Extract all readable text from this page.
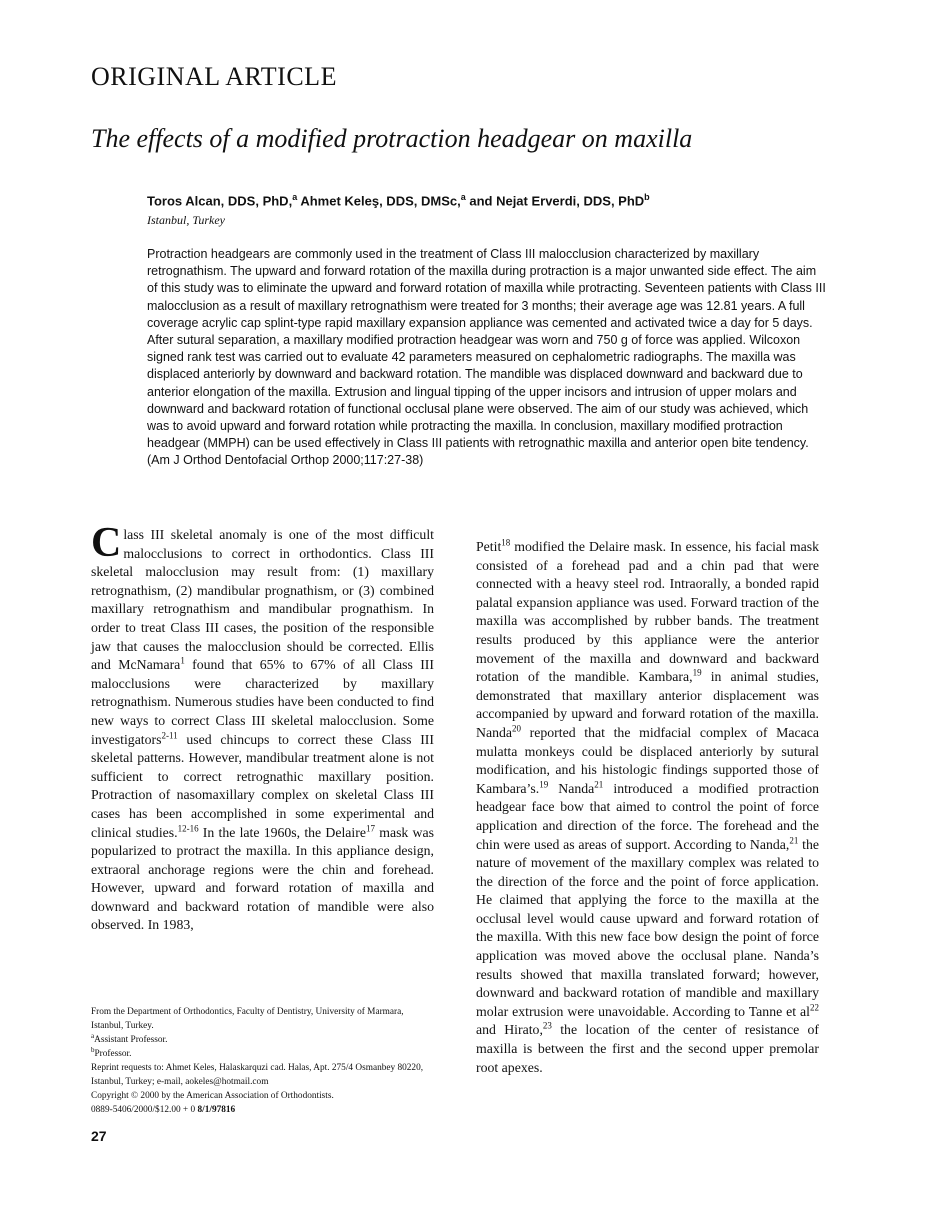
ORIGINAL ARTICLE
The effects of a modified protraction headgear on maxilla
Toros Alcan, DDS, PhD,$^a$ Ahmet Keleş, DDS, DMSc,$^a$ and Nejat Erverdi, DDS, PhD$^b$
Istanbul, Turkey

Protraction headgears are commonly used in the treatment of Class III malocclusion characterized by maxillary retrognathism. The upward and forward rotation of the maxilla during protraction is a major unwanted side effect. The aim of this study was to eliminate the upward and forward rotation of maxilla while protracting. Seventeen patients with Class III malocclusion as a result of maxillary retrognathism were treated for 3 months; their average age was 12.81 years. A full coverage acrylic cap splint-type rapid maxillary expansion appliance was cemented and activated twice a day for 5 days. After sutural separation, a maxillary modified protraction headgear was worn and 750 g of force was applied. Wilcoxon signed rank test was carried out to evaluate 42 parameters measured on cephalometric radiographs. The maxilla was displaced anteriorly by downward and backward rotation. The mandible was displaced downward and backward due to anterior elongation of the maxilla. Extrusion and lingual tipping of the upper incisors and intrusion of upper molars and downward and backward rotation of functional occlusal plane were observed. The aim of our study was achieved, which was to avoid upward and forward rotation while protracting the maxilla. In conclusion, maxillary modified protraction headgear (MMPH) can be used effectively in Class III patients with retrognathic maxilla and anterior open bite tendency. (Am J Orthod Dentofacial Orthop 2000;117:27-38)

Class III skeletal anomaly is one of the most difficult malocclusions to correct in orthodontics. Class III skeletal malocclusion may result from: (1) maxillary retrognathism, (2) mandibular prognathism, or (3) combined maxillary retrognathism and mandibular prognathism. In order to treat Class III cases, the position of the responsible jaw that causes the malocclusion should be corrected. Ellis and McNamara$^1$ found that 65% to 67% of all Class III malocclusions were characterized by maxillary retrognathism. Numerous studies have been conducted to find new ways to correct Class III skeletal malocclusion. Some investigators$^{2-11}$ used chincups to correct these Class III skeletal patterns. However, mandibular treatment alone is not sufficient to correct retrognathic maxillary position. Protraction of nasomaxillary complex on skeletal Class III cases has been accomplished in some experimental and clinical studies.$^{12-16}$ In the late 1960s, the Delaire$^{17}$ mask was popularized to protract the maxilla. In this appliance design, extraoral anchorage regions were the chin and forehead. However, upward and forward rotation of maxilla and downward and backward rotation of mandible were also observed. In 1983,

Petit$^{18}$ modified the Delaire mask. In essence, his facial mask consisted of a forehead pad and a chin pad that were connected with a heavy steel rod. Intraorally, a bonded rapid palatal expansion appliance was used. Forward traction of the maxilla was accomplished by rubber bands. The treatment results produced by this appliance were the anterior movement of the maxilla and downward and backward rotation of the mandible. Kambara,$^{19}$ in animal studies, demonstrated that maxillary anterior displacement was accompanied by upward and forward rotation of the maxilla. Nanda$^{20}$ reported that the midfacial complex of Macaca mulatta monkeys could be displaced anteriorly by sutural modification, and his histologic findings supported those of Kambara’s.$^{19}$ Nanda$^{21}$ introduced a modified protraction headgear face bow that aimed to control the point of force application and direction of the force. The forehead and the chin were used as areas of support. According to Nanda,$^{21}$ the nature of movement of the maxillary complex was related to the direction of the force and the point of force application. He claimed that applying the force to the maxilla at the occlusal level would cause upward and forward rotation of the maxilla. With this new face bow design the point of force application was moved above the occlusal plane. Nanda’s results showed that maxilla translated forward; however, downward and backward rotation of mandible and maxillary molar extrusion were unavoidable. According to Tanne et $al^{22}$ and Hirato,$^{23}$ the location of the center of resistance of maxilla is between the first and the second upper premolar root apexes.

From the Department of Orthodontics, Faculty of Dentistry, University of Marmara, Istanbul, Turkey.

$^a$Assistant Professor.

$^b$Professor.

Reprint requests to: Ahmet Keles, Halaskarquzi cad. Halas, Apt. 275/4 Osmanbey 80220, Istanbul, Turkey; e-mail, aokeles@hotmail.com

Copyright © 2000 by the American Association of Orthodontists.

0889-5406/2000/$12.00 + 0 8/1/97816

27
